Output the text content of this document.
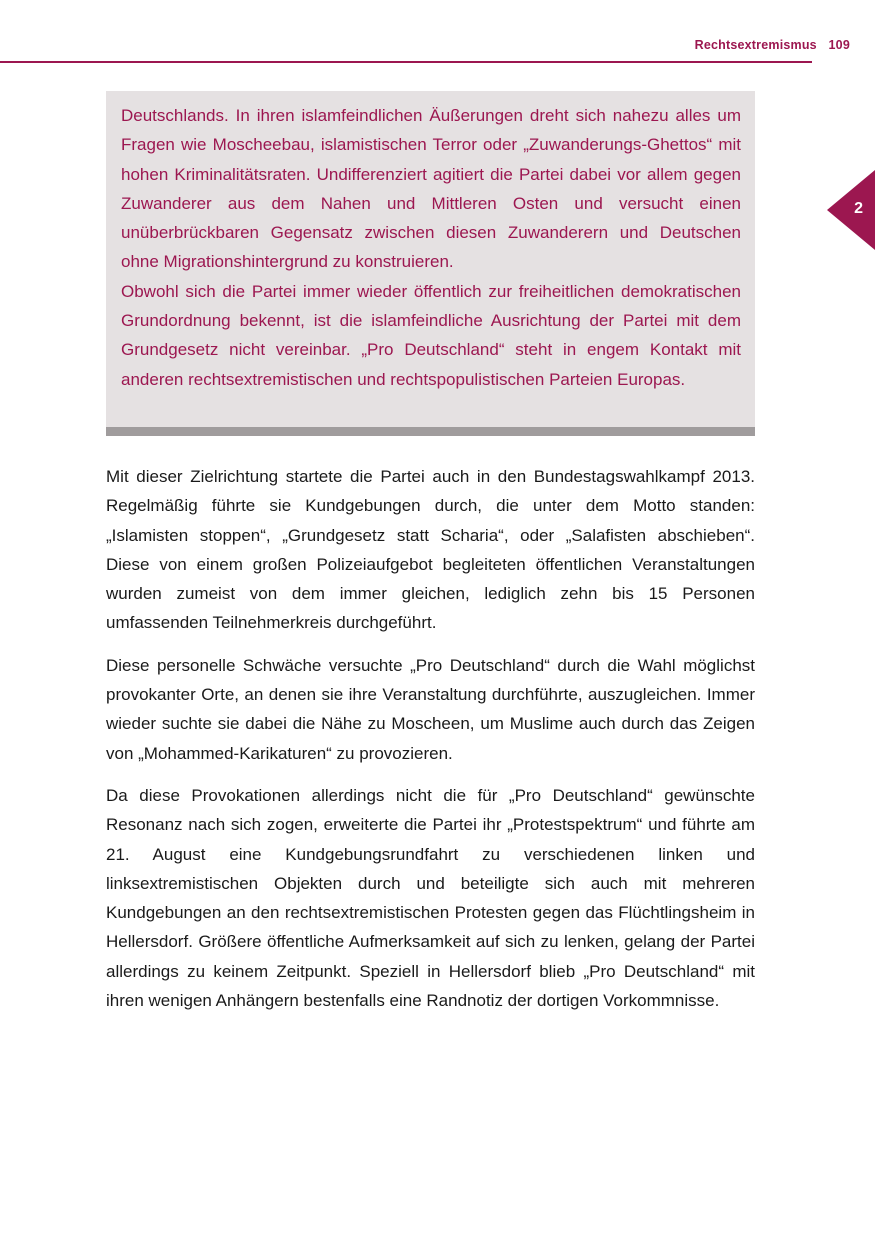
Rechtsextremismus 109
2

Deutschlands. In ihren islamfeindlichen Äußerungen dreht sich nahezu alles um Fragen wie Moscheebau, islamistischen Terror oder „Zuwanderungs-Ghettos“ mit hohen Kriminalitätsraten. Undifferenziert agitiert die Partei dabei vor allem gegen Zuwanderer aus dem Nahen und Mittleren Osten und versucht einen unüberbrückbaren Gegensatz zwischen diesen Zuwanderern und Deutschen ohne Migrationshintergrund zu konstruieren.

Obwohl sich die Partei immer wieder öffentlich zur freiheitlichen demokratischen Grundordnung bekennt, ist die islamfeindliche Ausrichtung der Partei mit dem Grundgesetz nicht vereinbar. „Pro Deutschland“ steht in engem Kontakt mit anderen rechtsextremistischen und rechtspopulistischen Parteien Europas.

Mit dieser Zielrichtung startete die Partei auch in den Bundestagswahlkampf 2013. Regelmäßig führte sie Kundgebungen durch, die unter dem Motto standen: „Islamisten stoppen“, „Grundgesetz statt Scharia“, oder „Salafisten abschieben“. Diese von einem großen Polizeiaufgebot begleiteten öffentlichen Veranstaltungen wurden zumeist von dem immer gleichen, lediglich zehn bis 15 Personen umfassenden Teilnehmerkreis durchgeführt.

Diese personelle Schwäche versuchte „Pro Deutschland“ durch die Wahl möglichst provokanter Orte, an denen sie ihre Veranstaltung durchführte, auszugleichen. Immer wieder suchte sie dabei die Nähe zu Moscheen, um Muslime auch durch das Zeigen von „Mohammed-Karikaturen“ zu provozieren.

Da diese Provokationen allerdings nicht die für „Pro Deutschland“ gewünschte Resonanz nach sich zogen, erweiterte die Partei ihr „Protestspektrum“ und führte am 21. August eine Kundgebungsrundfahrt zu verschiedenen linken und linksextremistischen Objekten durch und beteiligte sich auch mit mehreren Kundgebungen an den rechtsextremistischen Protesten gegen das Flüchtlingsheim in Hellersdorf. Größere öffentliche Aufmerksamkeit auf sich zu lenken, gelang der Partei allerdings zu keinem Zeitpunkt. Speziell in Hellersdorf blieb „Pro Deutschland“ mit ihren wenigen Anhängern bestenfalls eine Randnotiz der dortigen Vorkommnisse.
